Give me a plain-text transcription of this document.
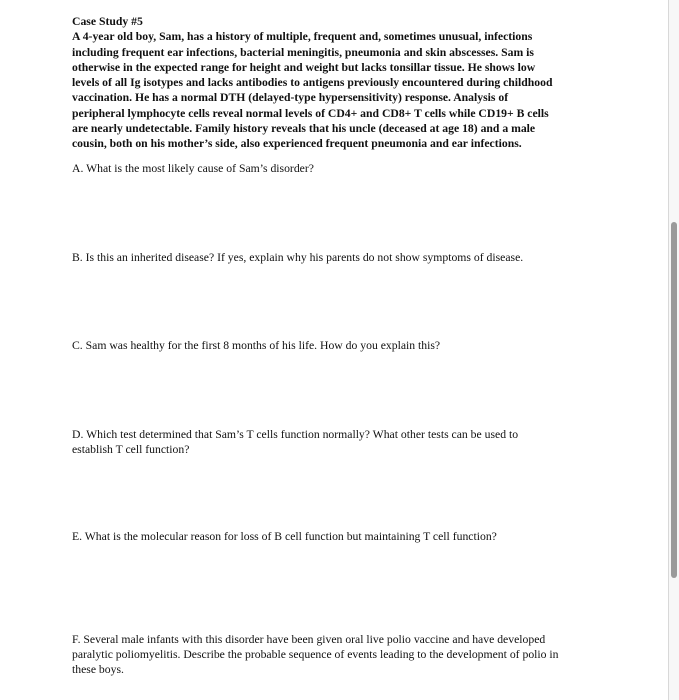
Case Study #5

A 4-year old boy, Sam, has a history of multiple, frequent and, sometimes unusual, infections

including frequent ear infections, bacterial meningitis, pneumonia and skin abscesses. Sam is

otherwise in the expected range for height and weight but lacks tonsillar tissue. He shows low

levels of all Ig isotypes and lacks antibodies to antigens previously encountered during childhood

vaccination. He has a normal DTH (delayed-type hypersensitivity) response. Analysis of

peripheral lymphocyte cells reveal normal levels of CD4+ and CD8+ T cells while CD19+ B cells

are nearly undetectable. Family history reveals that his uncle (deceased at age 18) and a male

cousin, both on his mother’s side, also experienced frequent pneumonia and ear infections.

A. What is the most likely cause of Sam’s disorder?

B. Is this an inherited disease? If yes, explain why his parents do not show symptoms of disease.

C. Sam was healthy for the first 8 months of his life. How do you explain this?

D. Which test determined that Sam’s T cells function normally? What other tests can be used to

establish T cell function?

E. What is the molecular reason for loss of B cell function but maintaining T cell function?

F. Several male infants with this disorder have been given oral live polio vaccine and have developed

paralytic poliomyelitis. Describe the probable sequence of events leading to the development of polio in

these boys.
